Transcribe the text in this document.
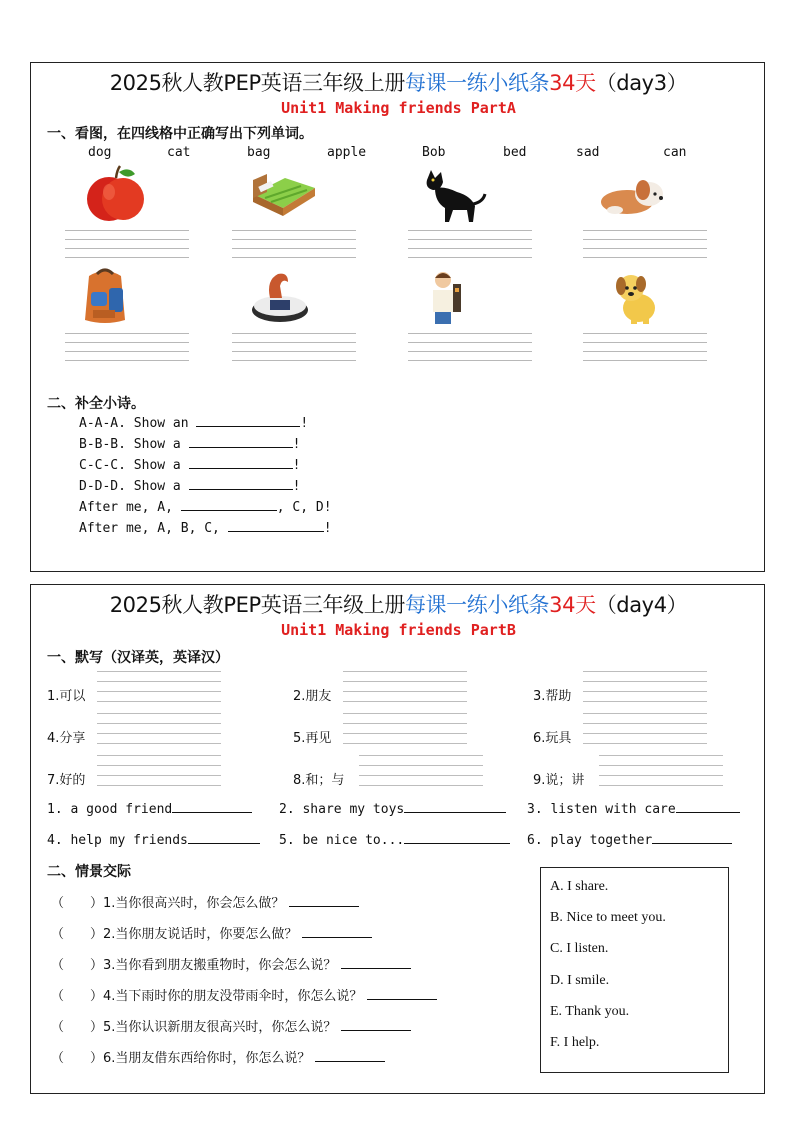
2025秋人教PEP英语三年级上册每课一练小纸条34天（day3）
Unit1 Making friends PartA
一、看图，在四线格中正确写出下列单词。
dog	cat	bag	apple	Bob	bed	sad	can
二、补全小诗。
A-A-A. Show an	!
B-B-B. Show a	!
C-C-C. Show a	!
D-D-D. Show a	!
After me, A,	, C, D!
After me, A, B, C,	!
2025秋人教PEP英语三年级上册每课一练小纸条34天（day4）
Unit1 Making friends PartB
一、默写（汉译英，英译汉）
1.可以	2.朋友	3.帮助
4.分享	5.再见	6.玩具
7.好的	8.和；与	9.说；讲
1. a good friend	2. share my toys	3. listen with care
4. help my friends	5. be nice to...	6. play together
二、情景交际
（　　）1.当你很高兴时，你会怎么做？
（　　）2.当你朋友说话时，你要怎么做？
（　　）3.当你看到朋友搬重物时，你会怎么说？
（　　）4.当下雨时你的朋友没带雨伞时，你怎么说？
（　　）5.当你认识新朋友很高兴时，你怎么说？
（　　）6.当朋友借东西给你时，你怎么说？
A. I share.
B. Nice to meet you.
C. I listen.
D. I smile.
E. Thank you.
F. I help.
